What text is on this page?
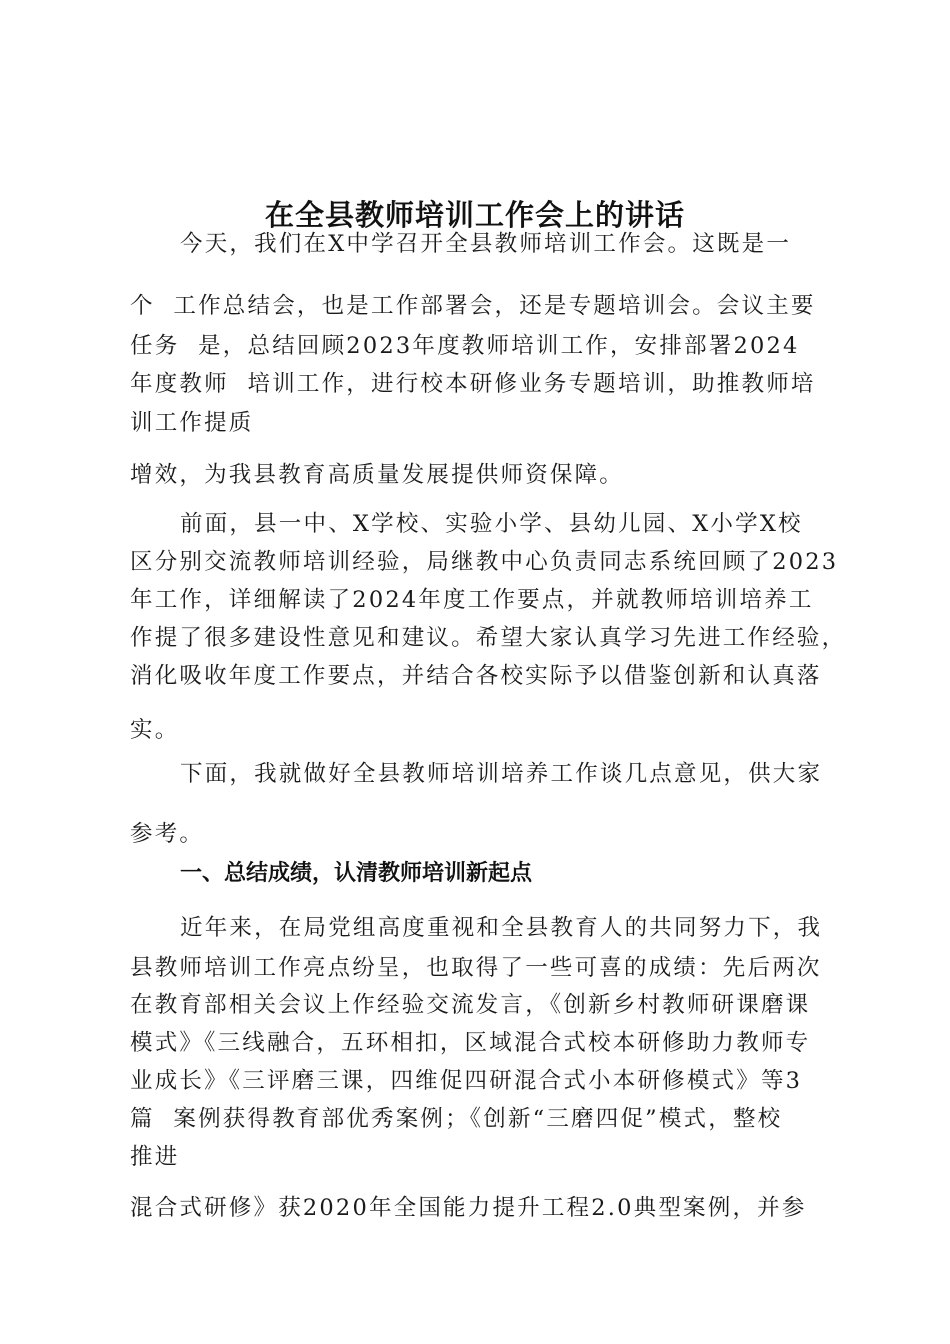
在全县教师培训工作会上的讲话
今天，我们在X中学召开全县教师培训工作会。这既是一
个  工作总结会，也是工作部署会，还是专题培训会。会议主要
任务  是，总结回顾2023年度教师培训工作，安排部署2024
年度教师  培训工作，进行校本研修业务专题培训，助推教师培
训工作提质
增效，为我县教育高质量发展提供师资保障。
前面，县一中、X学校、实验小学、县幼儿园、X小学X校
区分别交流教师培训经验，局继教中心负责同志系统回顾了2023
年工作，详细解读了2024年度工作要点，并就教师培训培养工
作提了很多建设性意见和建议。希望大家认真学习先进工作经验，
消化吸收年度工作要点，并结合各校实际予以借鉴创新和认真落
实。
下面，我就做好全县教师培训培养工作谈几点意见，供大家
参考。
一、总结成绩，认清教师培训新起点
近年来，在局党组高度重视和全县教育人的共同努力下，我
县教师培训工作亮点纷呈，也取得了一些可喜的成绩：先后两次
在教育部相关会议上作经验交流发言，《创新乡村教师研课磨课
模式》《三线融合，五环相扣，区域混合式校本研修助力教师专
业成长》《三评磨三课，四维促四研混合式小本研修模式》等3
篇  案例获得教育部优秀案例；《创新“三磨四促”模式，整校
推进
混合式研修》获2020年全国能力提升工程2.0典型案例，并参
